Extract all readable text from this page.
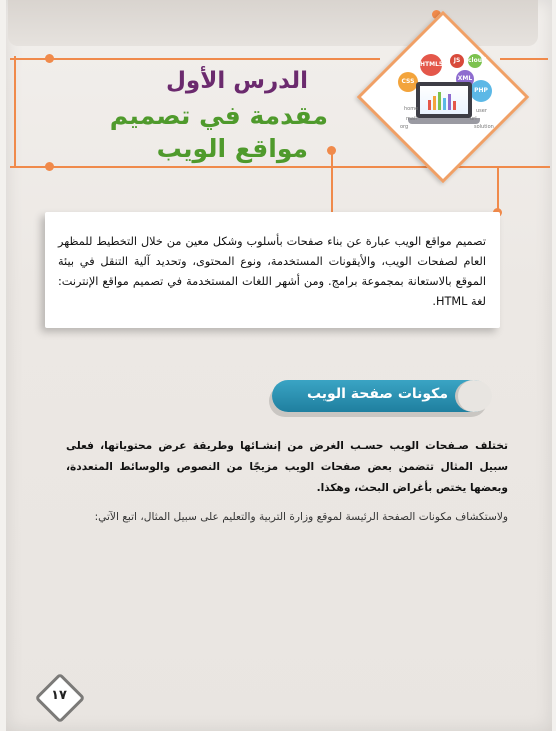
الدرس الأول
مقدمة في تصميم
مواقع الويب
HTML5
CSS
JS
XML
PHP
cloud
home	user
org
url
mail
solution
تصميم مواقع الويب عبارة عن بناء صفحات بأسلوب وشكل معين من خلال التخطيط للمظهر العام لصفحات الويب، والأيقونات المستخدمة، ونوع المحتوى، وتحديد آلية التنقل في بيئة الموقع بالاستعانة بمجموعة برامج. ومن أشهر اللغات المستخدمة في تصميم مواقع الإنترنت: لغة HTML.
مكونات صفحة الويب
تختلف صـفحات الويب حسـب الغرض من إنشـائها وطريقة عرض محتوياتها، فعلى سبيل المثال تتضمن بعض صفحات الويب مزيجًا من النصوص والوسائط المتعددة، وبعضها يختص بأغراض البحث، وهكذا.
ولاستكشاف مكونات الصفحة الرئيسة لموقع وزارة التربية والتعليم على سبيل المثال، اتبع الآتي:
١٧
